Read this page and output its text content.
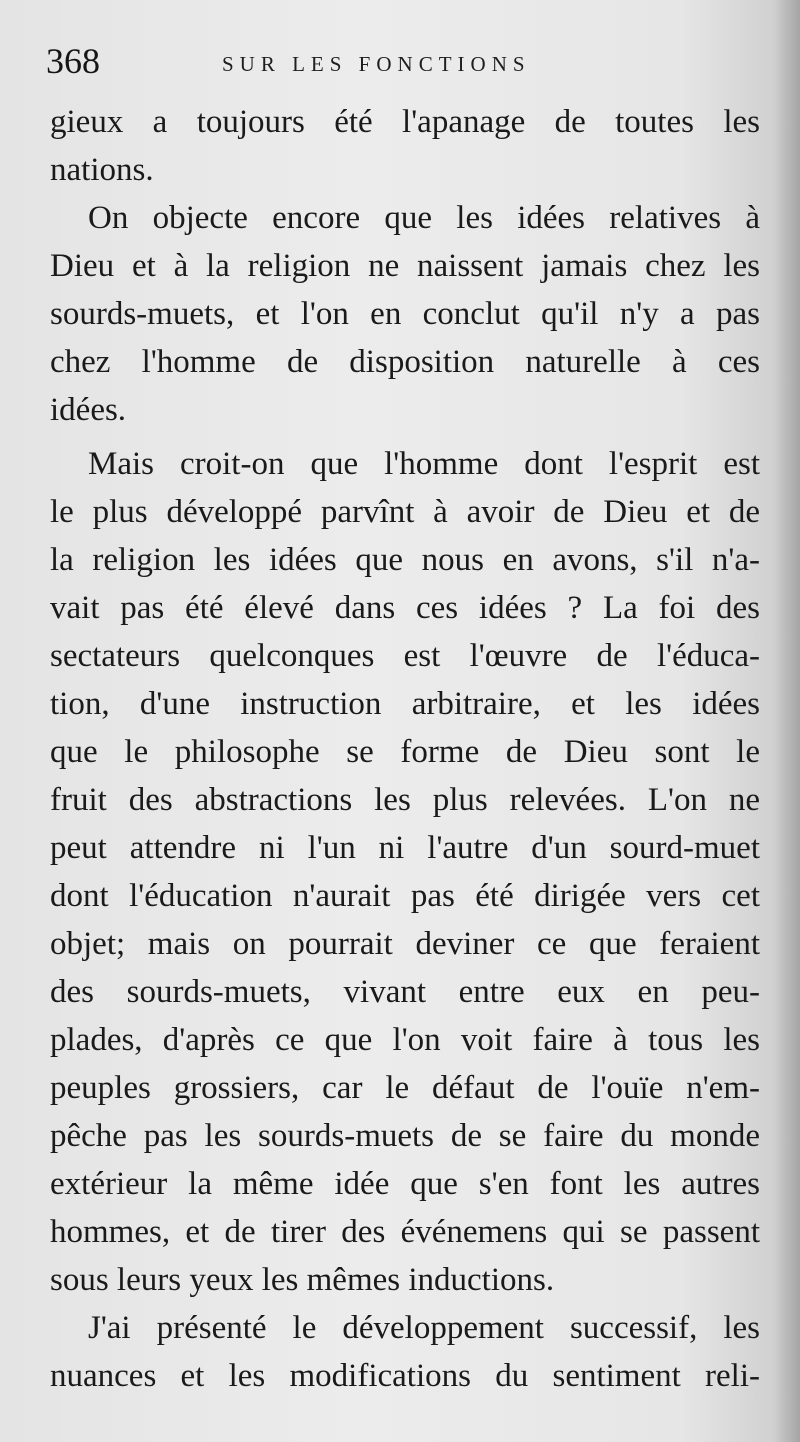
368	SUR LES FONCTIONS
gieux a toujours été l'apanage de toutes les
nations.
On objecte encore que les idées relatives à
Dieu et à la religion ne naissent jamais chez les
sourds-muets, et l'on en conclut qu'il n'y a pas
chez l'homme de disposition naturelle à ces
idées.
Mais croit-on que l'homme dont l'esprit est
le plus développé parvînt à avoir de Dieu et de
la religion les idées que nous en avons, s'il n'a-
vait pas été élevé dans ces idées ? La foi des
sectateurs quelconques est l'œuvre de l'éduca-
tion, d'une instruction arbitraire, et les idées
que le philosophe se forme de Dieu sont le
fruit des abstractions les plus relevées. L'on ne
peut attendre ni l'un ni l'autre d'un sourd-muet
dont l'éducation n'aurait pas été dirigée vers cet
objet; mais on pourrait deviner ce que feraient
des sourds-muets, vivant entre eux en peu-
plades, d'après ce que l'on voit faire à tous les
peuples grossiers, car le défaut de l'ouïe n'em-
pêche pas les sourds-muets de se faire du monde
extérieur la même idée que s'en font les autres
hommes, et de tirer des événemens qui se passent
sous leurs yeux les mêmes inductions.
J'ai présenté le développement successif, les
nuances et les modifications du sentiment reli-
